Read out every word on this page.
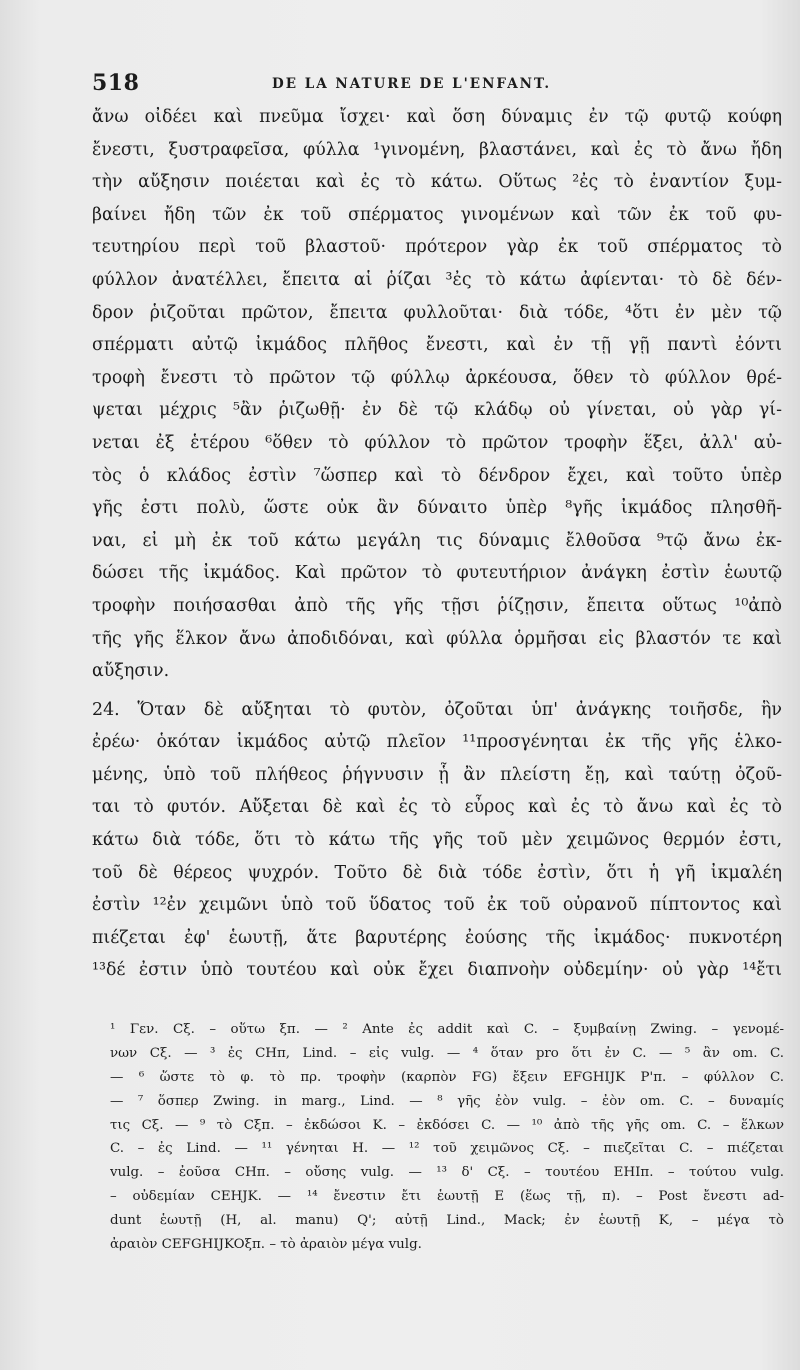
518	DE LA NATURE DE L'ENFANT.
ἄνω οἰδέει καὶ πνεῦμα ἴσχει· καὶ ὅση δύναμις ἐν τῷ φυτῷ κούφη
ἔνεστι, ξυστραφεῖσα, φύλλα ¹γινομένη, βλαστάνει, καὶ ἐς τὸ ἄνω ἤδη
τὴν αὔξησιν ποιέεται καὶ ἐς τὸ κάτω. Οὕτως ²ἐς τὸ ἐναντίον ξυμ-
βαίνει ἤδη τῶν ἐκ τοῦ σπέρματος γινομένων καὶ τῶν ἐκ τοῦ φυ-
τευτηρίου περὶ τοῦ βλαστοῦ· πρότερον γὰρ ἐκ τοῦ σπέρματος τὸ
φύλλον ἀνατέλλει, ἔπειτα αἱ ῥίζαι ³ἐς τὸ κάτω ἀφίενται· τὸ δὲ δέν-
δρον ῥιζοῦται πρῶτον, ἔπειτα φυλλοῦται· διὰ τόδε, ⁴ὅτι ἐν μὲν τῷ
σπέρματι αὐτῷ ἰκμάδος πλῆθος ἔνεστι, καὶ ἐν τῇ γῇ παντὶ ἐόντι
τροφὴ ἔνεστι τὸ πρῶτον τῷ φύλλῳ ἀρκέουσα, ὅθεν τὸ φύλλον θρέ-
ψεται μέχρις ⁵ἂν ῥιζωθῇ· ἐν δὲ τῷ κλάδῳ οὐ γίνεται, οὐ γὰρ γί-
νεται ἐξ ἑτέρου ⁶ὅθεν τὸ φύλλον τὸ πρῶτον τροφὴν ἕξει, ἀλλ' αὐ-
τὸς ὁ κλάδος ἐστὶν ⁷ὥσπερ καὶ τὸ δένδρον ἔχει, καὶ τοῦτο ὑπὲρ
γῆς ἐστι πολὺ, ὥστε οὐκ ἂν δύναιτο ὑπὲρ ⁸γῆς ἰκμάδος πλησθῆ-
ναι, εἰ μὴ ἐκ τοῦ κάτω μεγάλη τις δύναμις ἔλθοῦσα ⁹τῷ ἄνω ἐκ-
δώσει τῆς ἰκμάδος. Καὶ πρῶτον τὸ φυτευτήριον ἀνάγκη ἐστὶν ἑωυτῷ
τροφὴν ποιήσασθαι ἀπὸ τῆς γῆς τῇσι ῥίζῃσιν, ἔπειτα οὕτως ¹⁰ἀπὸ
τῆς γῆς ἕλκον ἄνω ἀποδιδόναι, καὶ φύλλα ὁρμῆσαι εἰς βλαστόν τε καὶ
αὔξησιν.
24. Ὅταν δὲ αὔξηται τὸ φυτὸν, ὀζοῦται ὑπ' ἀνάγκης τοιῆσδε, ἣν
ἐρέω· ὁκόταν ἰκμάδος αὐτῷ πλεῖον ¹¹προσγένηται ἐκ τῆς γῆς ἑλκο-
μένης, ὑπὸ τοῦ πλήθεος ῥήγνυσιν ᾗ ἂν πλείστη ἔῃ, καὶ ταύτῃ ὀζοῦ-
ται τὸ φυτόν. Αὔξεται δὲ καὶ ἐς τὸ εὖρος καὶ ἐς τὸ ἄνω καὶ ἐς τὸ
κάτω διὰ τόδε, ὅτι τὸ κάτω τῆς γῆς τοῦ μὲν χειμῶνος θερμόν ἐστι,
τοῦ δὲ θέρεος ψυχρόν. Τοῦτο δὲ διὰ τόδε ἐστὶν, ὅτι ἡ γῆ ἰκμαλέη
ἐστὶν ¹²ἐν χειμῶνι ὑπὸ τοῦ ὕδατος τοῦ ἐκ τοῦ οὐρανοῦ πίπτοντος καὶ
πιέζεται ἐφ' ἑωυτῇ, ἅτε βαρυτέρης ἐούσης τῆς ἰκμάδος· πυκνοτέρη
¹³δέ ἐστιν ὑπὸ τουτέου καὶ οὐκ ἔχει διαπνοὴν οὐδεμίην· οὐ γὰρ ¹⁴ἔτι
¹ Γεν. Cξ. – οὕτω ξπ. — ² Ante ἐς addit καὶ C. – ξυμβαίνῃ Zwing. – γενομέ-
νων Cξ. — ³ ἐς CHπ, Lind. – εἰς vulg. — ⁴ ὅταν pro ὅτι ἐν C. — ⁵ ἂν om. C.
— ⁶ ὥστε τὸ φ. τὸ πρ. τροφὴν (καρπὸν FG) ἔξειν EFGHIJK P'π. – φύλλον C.
— ⁷ ὅσπερ Zwing. in marg., Lind. — ⁸ γῆς ἐὸν vulg. – ἐὸν om. C. – δυναμίς
τις Cξ. — ⁹ τὸ Cξπ. – ἐκδώσοι K. – ἐκδόσει C. — ¹⁰ ἀπὸ τῆς γῆς om. C. – ἕλκων
C. – ἐς Lind. — ¹¹ γένηται H. — ¹² τοῦ χειμῶνος Cξ. – πιεζεῖται C. – πιέζεται
vulg. – ἐοῦσα CHπ. – οὔσης vulg. — ¹³ δ' Cξ. – τουτέου EHIπ. – τούτου vulg.
– οὐδεμίαν CEHJK. — ¹⁴ ἔνεστιν ἔτι ἑωυτῇ E (ἕως τῇ, π). – Post ἔνεστι ad-
dunt ἑωυτῇ (H, al. manu) Q'; αὐτῇ Lind., Mack; ἐν ἑωυτῇ K, – μέγα τὸ
ἀραιὸν CEFGHIJKOξπ. – τὸ ἀραιὸν μέγα vulg.
